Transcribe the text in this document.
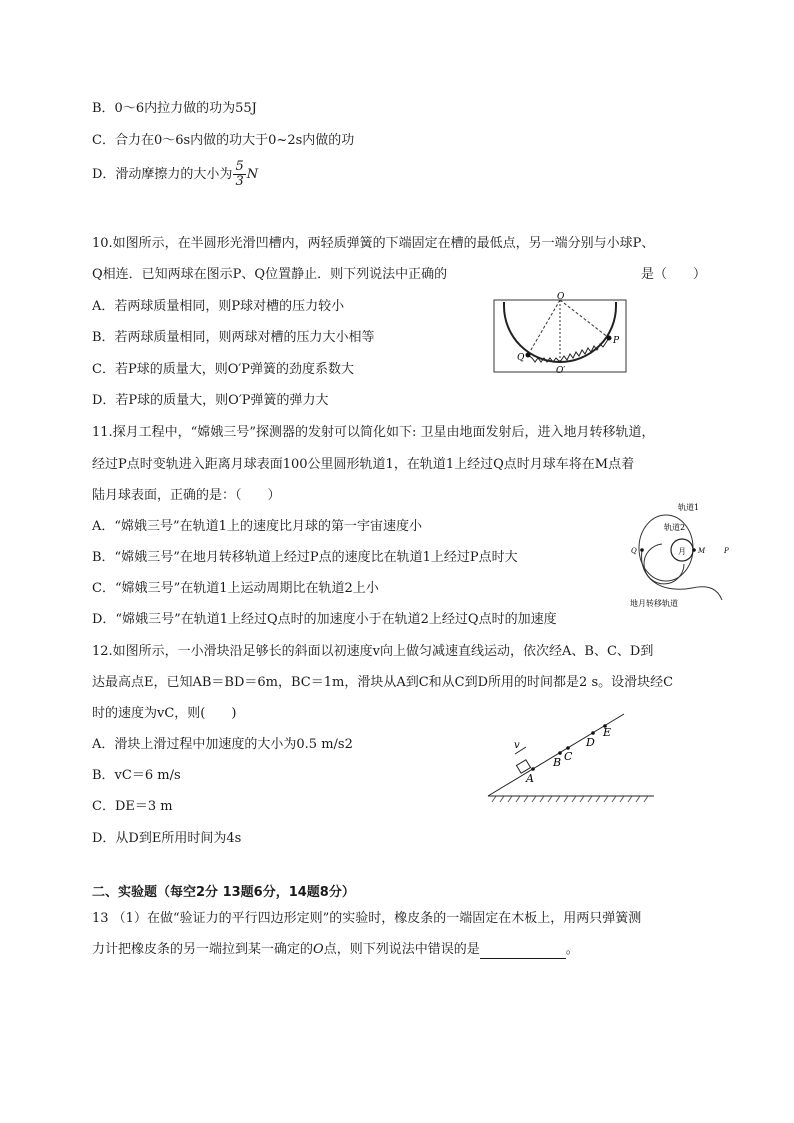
B．0～6内拉力做的功为55J
C．合力在0～6s内做的功大于0~2s内做的功
D．滑动摩擦力的大小为 $\frac{5}{3}$ N
10.如图所示，在半圆形光滑凹槽内，两轻质弹簧的下端固定在槽的最低点，另一端分别与小球P、
Q相连．已知两球在图示P、Q位置静止．则下列说法中正确的	是（　　）
A．若两球质量相同，则P球对槽的压力较小
B．若两球质量相同，则两球对槽的压力大小相等
C．若P球的质量大，则O′P弹簧的劲度系数大
D．若P球的质量大，则O′P弹簧的弹力大
O
Q
P
O′
11.探月工程中，“嫦娥三号”探测器的发射可以简化如下: 卫星由地面发射后，进入地月转移轨道，
经过P点时变轨进入距离月球表面100公里圆形轨道1，在轨道1上经过Q点时月球车将在M点着
陆月球表面，正确的是：（　　）
A．“嫦娥三号”在轨道1上的速度比月球的第一宇宙速度小
B．“嫦娥三号”在地月转移轨道上经过P点的速度比在轨道1上经过P点时大
C．“嫦娥三号”在轨道1上运动周期比在轨道2上小
D．“嫦娥三号”在轨道1上经过Q点时的加速度小于在轨道2上经过Q点时的加速度
轨道1
轨道2
月
Q	M	P
地月转移轨道
12.如图所示，一小滑块沿足够长的斜面以初速度v向上做匀减速直线运动，依次经A、B、C、D到
达最高点E，已知AB＝BD＝6m，BC＝1m，滑块从A到C和从C到D所用的时间都是2 s。设滑块经C
时的速度为vC，则(　　)
A．滑块上滑过程中加速度的大小为0.5 m/s2
B．vC＝6 m/s
C．DE＝3 m
D．从D到E所用时间为4s
v
A
B C
D
E
二、实验题（每空2分 13题6分，14题8分）
13 （1）在做“验证力的平行四边形定则”的实验时，橡皮条的一端固定在木板上，用两只弹簧测
力计把橡皮条的另一端拉到某一确定的O点，则下列说法中错误的是	。
